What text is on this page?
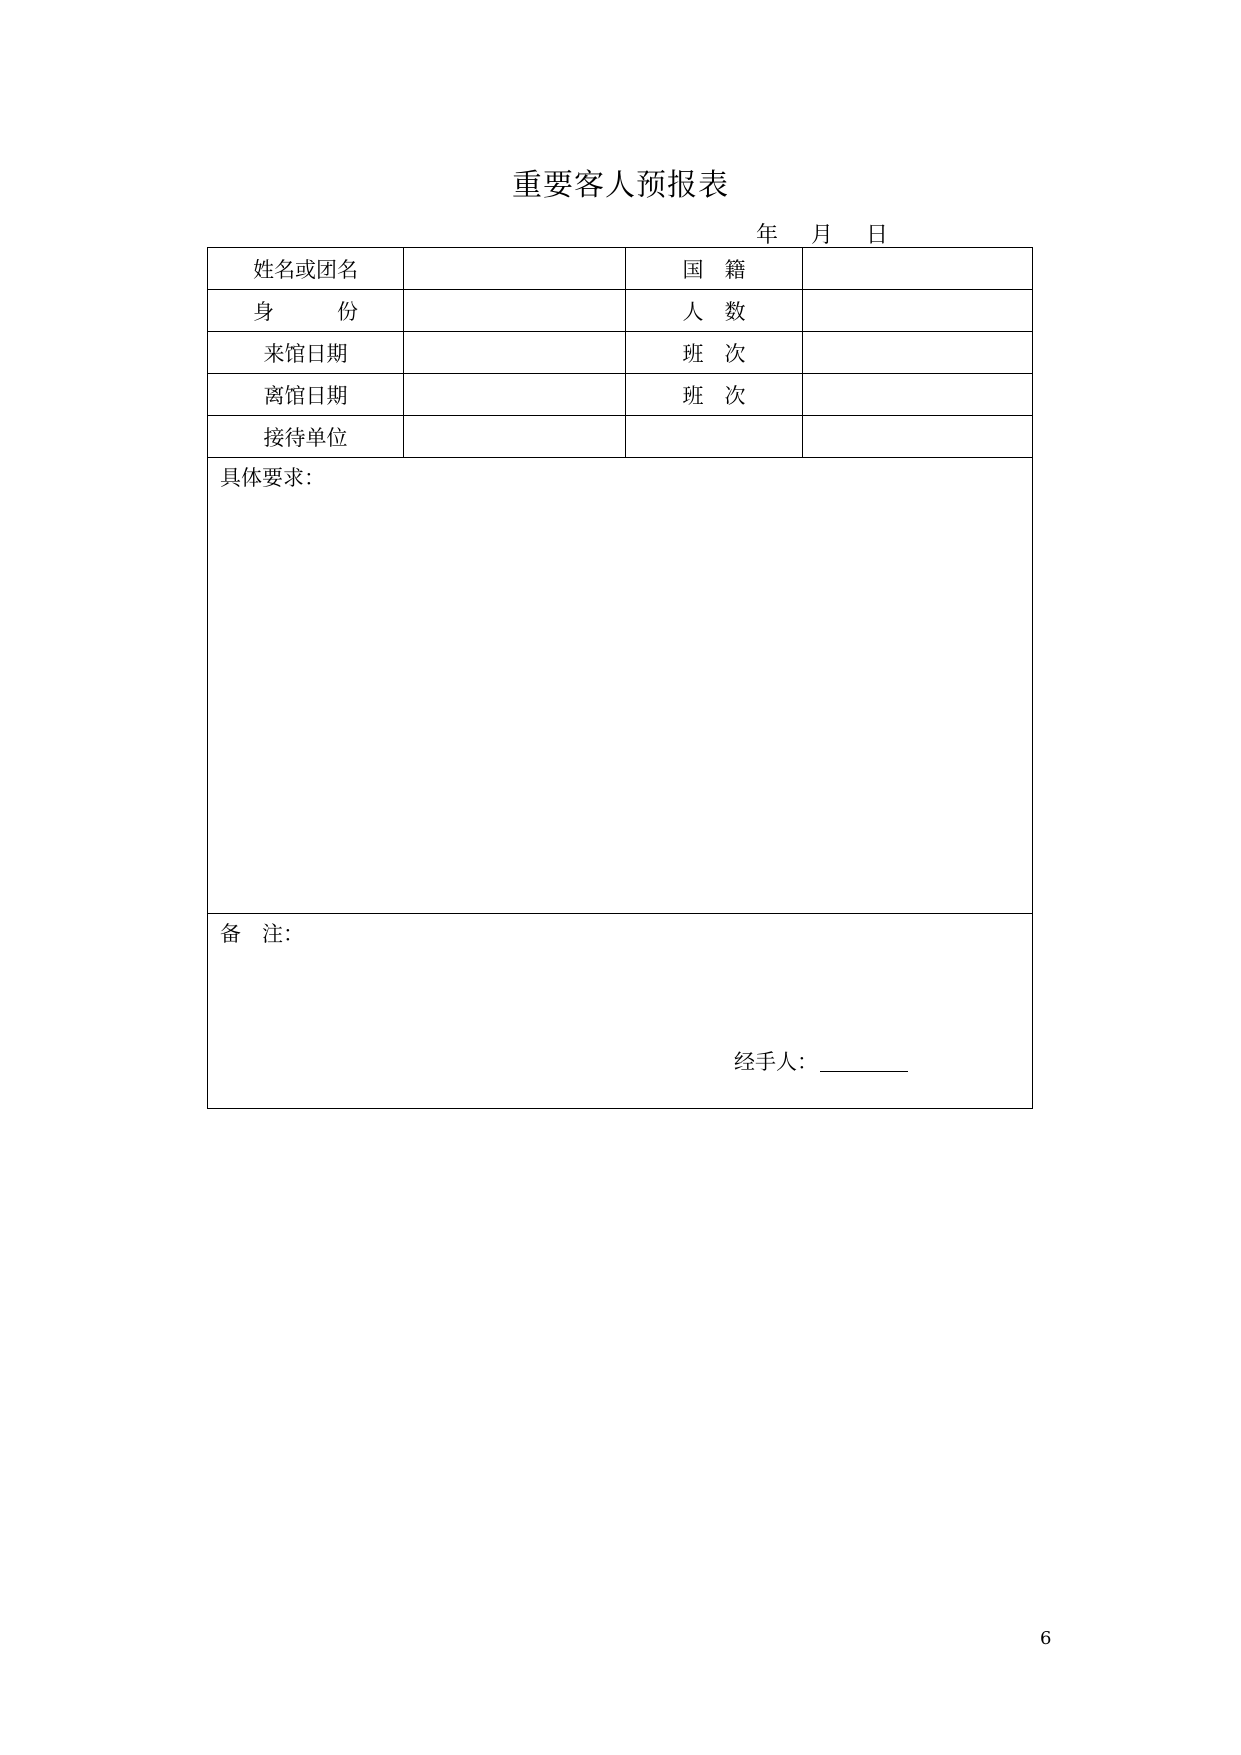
重要客人预报表
年	月	日
姓名或团名		国　籍	
身　　　份		人　数	
来馆日期		班　次	
离馆日期		班　次	
接待单位			

具体要求：			

备　注：
经手人：			
6
